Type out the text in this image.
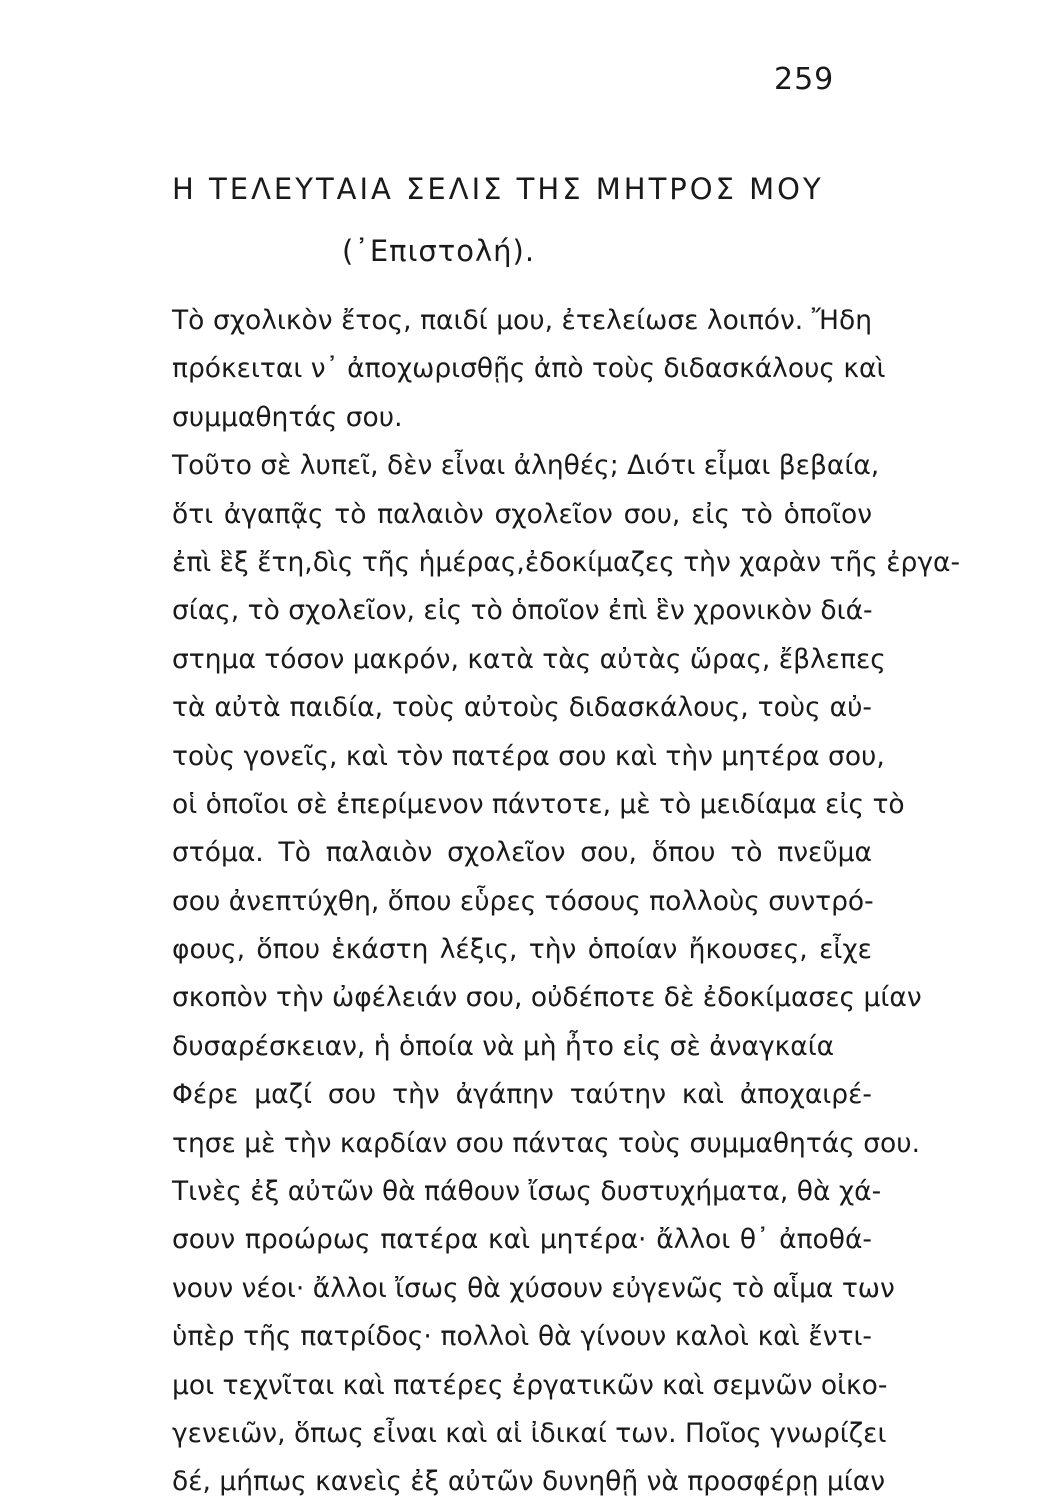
259
Η ΤΕΛΕΥΤΑΙΑ ΣΕΛΙΣ ΤΗΣ ΜΗΤΡΟΣ ΜΟΥ
(᾿Επιστολή).
Τὸ σχολικὸν ἔτος, παιδί μου, ἐτελείωσε λοιπόν. Ἤδη
πρόκειται ν᾿ ἀποχωρισθῇς ἀπὸ τοὺς διδασκάλους καὶ
συμμαθητάς σου.
Τοῦτο σὲ λυπεῖ, δὲν εἶναι ἀληθές; Διότι εἶμαι βεβαία,
ὅτι ἀγαπᾷς τὸ παλαιὸν σχολεῖον σου, εἰς τὸ ὁποῖον
ἐπὶ ἓξ ἔτη,δὶς τῆς ἡμέρας,ἐδοκίμαζες τὴν χαρὰν τῆς ἐργα-
σίας, τὸ σχολεῖον, εἰς τὸ ὁποῖον ἐπὶ ἓν χρονικὸν διά-
στημα τόσον μακρόν, κατὰ τὰς αὐτὰς ὥρας, ἔβλεπες
τὰ αὐτὰ παιδία, τοὺς αὐτοὺς διδασκάλους, τοὺς αὐ-
τοὺς γονεῖς, καὶ τὸν πατέρα σου καὶ τὴν μητέρα σου,
οἱ ὁποῖοι σὲ ἐπερίμενον πάντοτε, μὲ τὸ μειδίαμα εἰς τὸ
στόμα. Τὸ παλαιὸν σχολεῖον σου, ὅπου τὸ πνεῦμα
σου ἀνεπτύχθη, ὅπου εὗρες τόσους πολλοὺς συντρό-
φους, ὅπου ἑκάστη λέξις, τὴν ὁποίαν ἤκουσες, εἶχε
σκοπὸν τὴν ὠφέλειάν σου, οὐδέποτε δὲ ἐδοκίμασες μίαν
δυσαρέσκειαν, ἡ ὁποία νὰ μὴ ἦτο εἰς σὲ ἀναγκαία
Φέρε μαζί σου τὴν ἀγάπην ταύτην καὶ ἀποχαιρέ-
τησε μὲ τὴν καρδίαν σου πάντας τοὺς συμμαθητάς σου.
Τινὲς ἐξ αὐτῶν θὰ πάθουν ἴσως δυστυχήματα, θὰ χά-
σουν προώρως πατέρα καὶ μητέρα· ἄλλοι θ᾿ ἀποθά-
νουν νέοι· ἄλλοι ἴσως θὰ χύσουν εὐγενῶς τὸ αἷμα των
ὑπὲρ τῆς πατρίδος· πολλοὶ θὰ γίνουν καλοὶ καὶ ἔντι-
μοι τεχνῖται καὶ πατέρες ἐργατικῶν καὶ σεμνῶν οἰκο-
γενειῶν, ὅπως εἶναι καὶ αἱ ἰδικαί των. Ποῖος γνωρίζει
δέ, μήπως κανεὶς ἐξ αὐτῶν δυνηθῇ νὰ προσφέρῃ μίαν
